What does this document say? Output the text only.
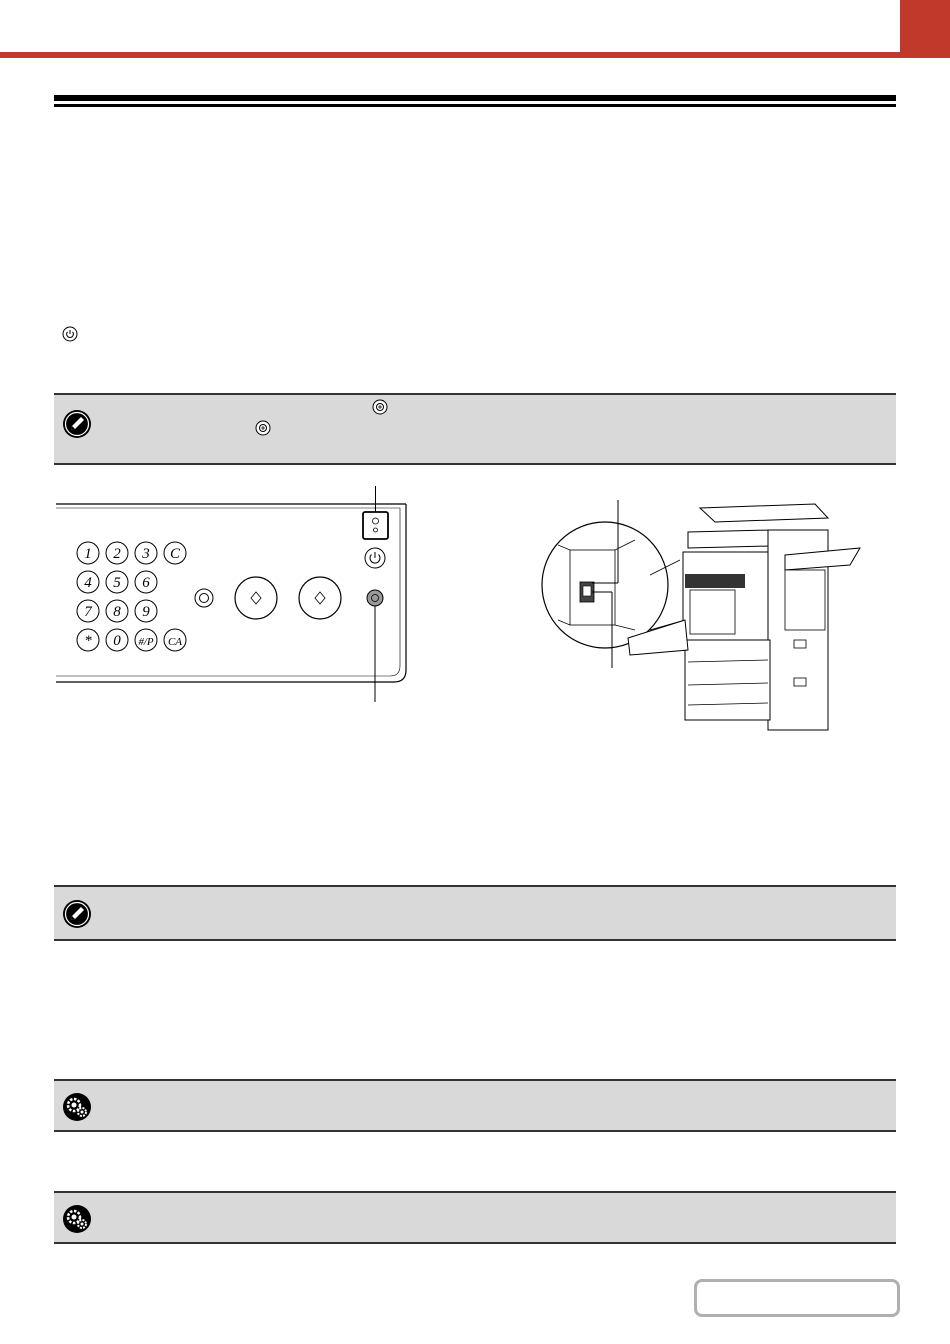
1 2 3 C
4 5 6
7 8 9
* 0 #/P CA
